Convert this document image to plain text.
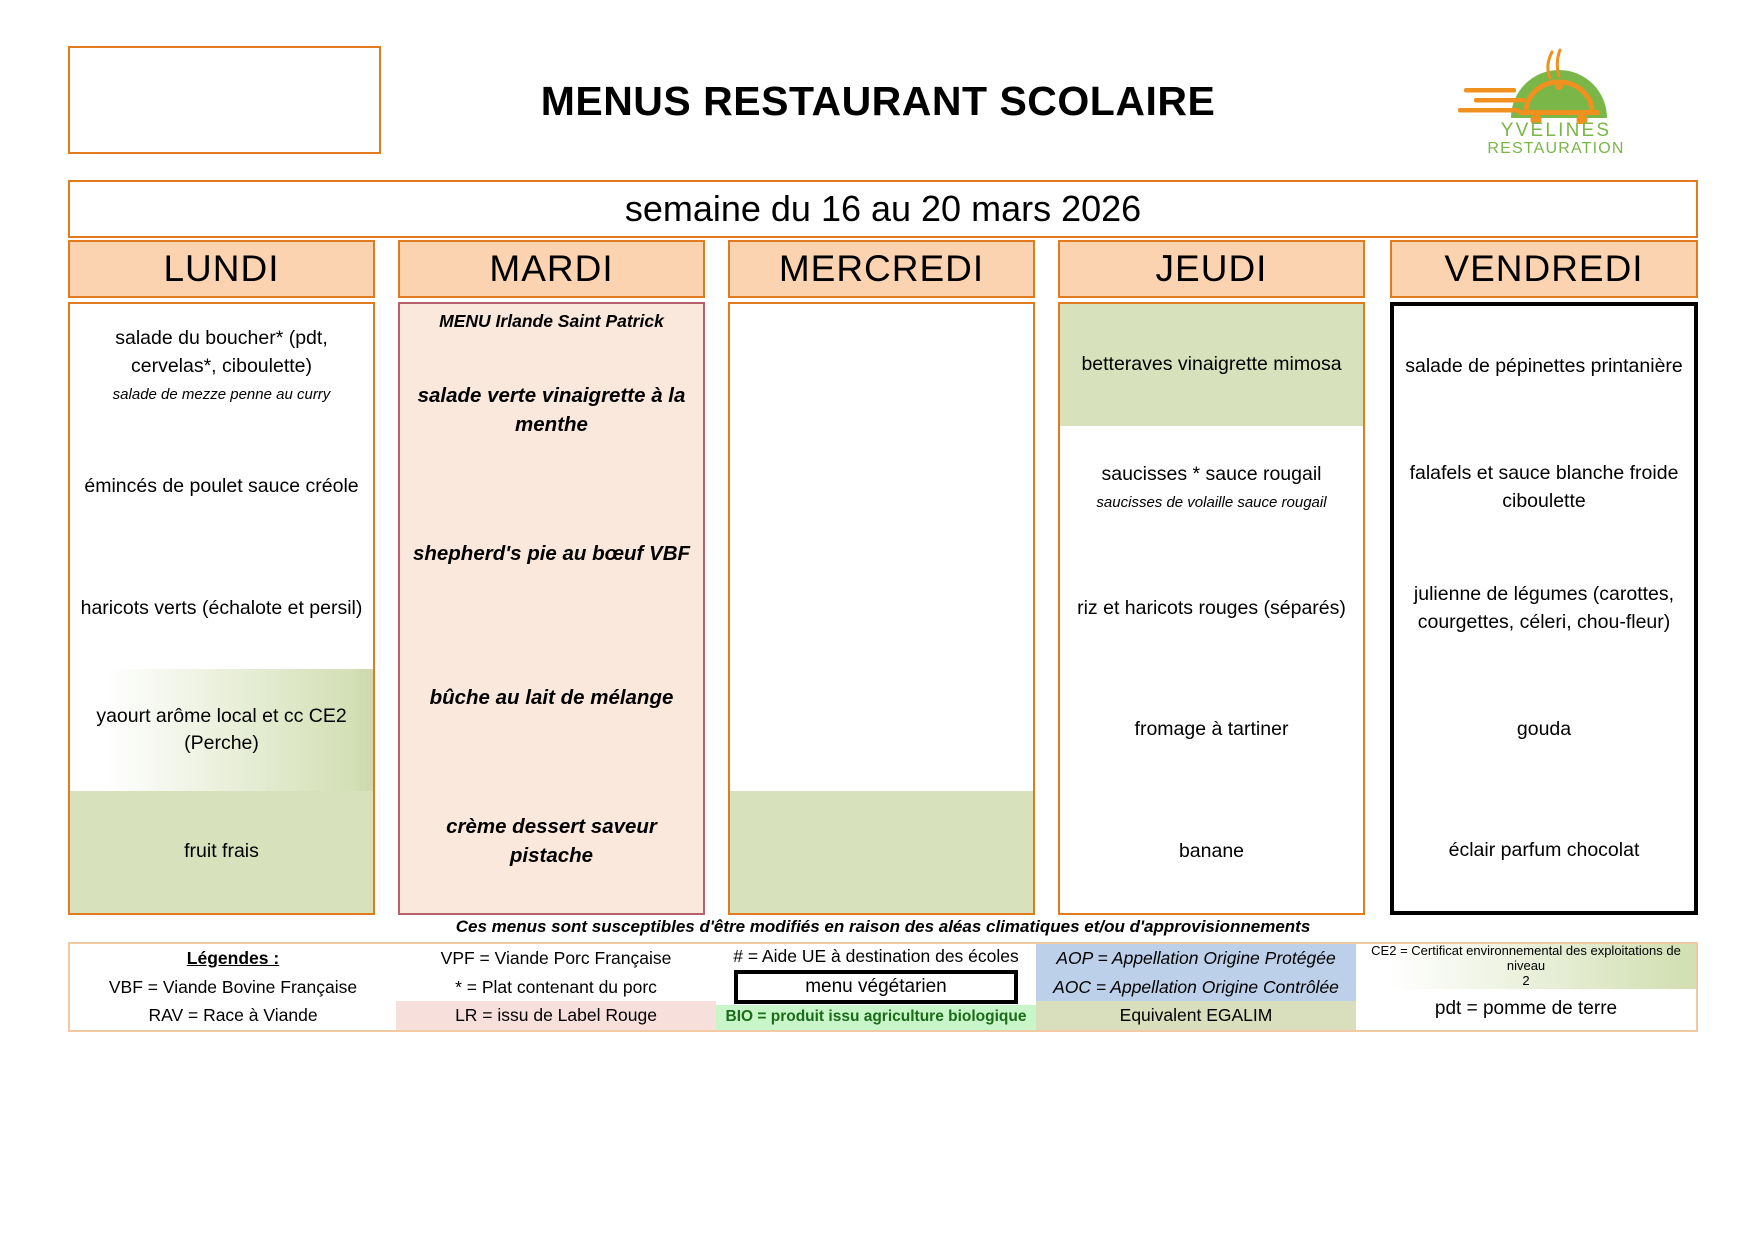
MENUS RESTAURANT SCOLAIRE
YVELINES
RESTAURATION
semaine du 16 au 20 mars 2026
LUNDI
salade du boucher* (pdt, cervelas*, ciboulette)
salade de mezze penne au curry
émincés de poulet sauce créole
haricots verts (échalote et persil)
yaourt arôme local et cc CE2 (Perche)
fruit frais
MARDI
MENU Irlande Saint Patrick
salade verte vinaigrette à la menthe
shepherd's pie au bœuf VBF
bûche au lait de mélange
crème dessert saveur pistache
MERCREDI	JEUDI
betteraves vinaigrette mimosa
saucisses * sauce rougail
saucisses de volaille sauce rougail
riz et haricots rouges (séparés)
fromage à tartiner
banane
VENDREDI
salade de pépinettes printanière
falafels et sauce blanche froide ciboulette
julienne de légumes (carottes, courgettes, céleri, chou-fleur)
gouda
éclair parfum chocolat
Ces menus sont susceptibles d'être modifiés en raison des aléas climatiques et/ou d'approvisionnements
Légendes :
VBF = Viande Bovine Française
RAV = Race à Viande
VPF = Viande Porc Française
* = Plat contenant du porc
LR = issu de Label Rouge
# = Aide UE à destination des écoles
menu végétarien
BIO = produit issu agriculture biologique
AOP = Appellation Origine Protégée
AOC = Appellation Origine Contrôlée
Equivalent EGALIM
CE2 = Certificat environnemental des exploitations de niveau
2
pdt = pomme de terre
